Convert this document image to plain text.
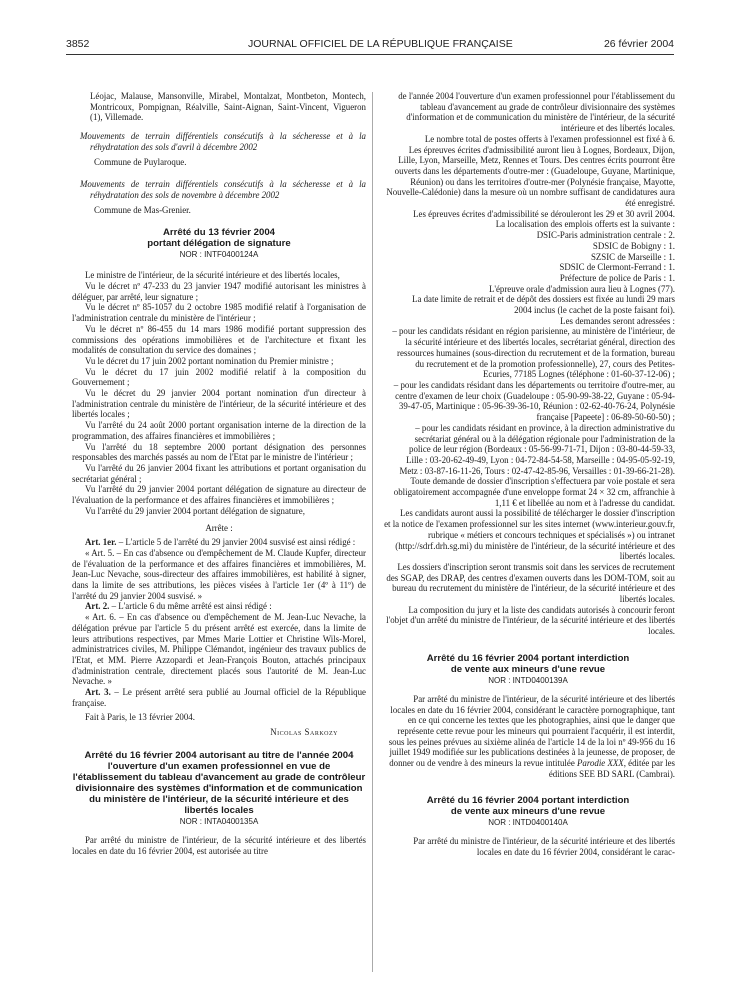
3852	JOURNAL OFFICIEL DE LA RÉPUBLIQUE FRANÇAISE	26 février 2004

Léojac, Malause, Mansonville, Mirabel, Montalzat, Montbeton, Montech, Montricoux, Pompignan, Réalville, Saint-Aignan, Saint-Vincent, Vigueron (1), Villemade.

Mouvements de terrain différentiels consécutifs à la sécheresse et à la réhydratation des sols d'avril à décembre 2002

Commune de Puylaroque.

Mouvements de terrain différentiels consécutifs à la sécheresse et à la réhydratation des sols de novembre à décembre 2002

Commune de Mas-Grenier.

Arrêté du 13 février 2004

portant délégation de signature

NOR : INTF0400124A

Le ministre de l'intérieur, de la sécurité intérieure et des libertés locales,

Vu le décret nº 47-233 du 23 janvier 1947 modifié autorisant les ministres à déléguer, par arrêté, leur signature ;

Vu le décret nº 85-1057 du 2 octobre 1985 modifié relatif à l'organisation de l'administration centrale du ministère de l'intérieur ;

Vu le décret nº 86-455 du 14 mars 1986 modifié portant suppression des commissions des opérations immobilières et de l'architecture et fixant les modalités de consultation du service des domaines ;

Vu le décret du 17 juin 2002 portant nomination du Premier ministre ;

Vu le décret du 17 juin 2002 modifié relatif à la composition du Gouvernement ;

Vu le décret du 29 janvier 2004 portant nomination d'un directeur à l'administration centrale du ministère de l'intérieur, de la sécurité intérieure et des libertés locales ;

Vu l'arrêté du 24 août 2000 portant organisation interne de la direction de la programmation, des affaires financières et immobilières ;

Vu l'arrêté du 18 septembre 2000 portant désignation des personnes responsables des marchés passés au nom de l'Etat par le ministre de l'intérieur ;

Vu l'arrêté du 26 janvier 2004 fixant les attributions et portant organisation du secrétariat général ;

Vu l'arrêté du 29 janvier 2004 portant délégation de signature au directeur de l'évaluation de la performance et des affaires financières et immobilières ;

Vu l'arrêté du 29 janvier 2004 portant délégation de signature,

Arrête :

Art. 1er. – L'article 5 de l'arrêté du 29 janvier 2004 susvisé est ainsi rédigé :

« Art. 5. – En cas d'absence ou d'empêchement de M. Claude Kupfer, directeur de l'évaluation de la performance et des affaires financières et immobilières, M. Jean-Luc Nevache, sous-directeur des affaires immobilières, est habilité à signer, dans la limite de ses attributions, les pièces visées à l'article 1er (4º à 11º) de l'arrêté du 29 janvier 2004 susvisé. »

Art. 2. – L'article 6 du même arrêté est ainsi rédigé :

« Art. 6. – En cas d'absence ou d'empêchement de M. Jean-Luc Nevache, la délégation prévue par l'article 5 du présent arrêté est exercée, dans la limite de leurs attributions respectives, par Mmes Marie Lottier et Christine Wils-Morel, administratrices civiles, M. Philippe Clémandot, ingénieur des travaux publics de l'Etat, et MM. Pierre Azzopardi et Jean-François Bouton, attachés principaux d'administration centrale, directement placés sous l'autorité de M. Jean-Luc Nevache. »

Art. 3. – Le présent arrêté sera publié au Journal officiel de la République française.

Fait à Paris, le 13 février 2004.

Nicolas Sarkozy

Arrêté du 16 février 2004 autorisant au titre de l'année 2004 l'ouverture d'un examen professionnel en vue de l'établissement du tableau d'avancement au grade de contrôleur divisionnaire des systèmes d'information et de communication du ministère de l'intérieur, de la sécurité intérieure et des libertés locales

NOR : INTA0400135A

Par arrêté du ministre de l'intérieur, de la sécurité intérieure et des libertés locales en date du 16 février 2004, est autorisée au titre

de l'année 2004 l'ouverture d'un examen professionnel pour l'établissement du tableau d'avancement au grade de contrôleur divisionnaire des systèmes d'information et de communication du ministère de l'intérieur, de la sécurité intérieure et des libertés locales.

Le nombre total de postes offerts à l'examen professionnel est fixé à 6.

Les épreuves écrites d'admissibilité auront lieu à Lognes, Bordeaux, Dijon, Lille, Lyon, Marseille, Metz, Rennes et Tours. Des centres écrits pourront être ouverts dans les départements d'outre-mer : (Guadeloupe, Guyane, Martinique, Réunion) ou dans les territoires d'outre-mer (Polynésie française, Mayotte, Nouvelle-Calédonie) dans la mesure où un nombre suffisant de candidatures aura été enregistré.

Les épreuves écrites d'admissibilité se dérouleront les 29 et 30 avril 2004.

La localisation des emplois offerts est la suivante :

DSIC-Paris administration centrale : 2.

SDSIC de Bobigny : 1.

SZSIC de Marseille : 1.

SDSIC de Clermont-Ferrand : 1.

Préfecture de police de Paris : 1.

L'épreuve orale d'admission aura lieu à Lognes (77).

La date limite de retrait et de dépôt des dossiers est fixée au lundi 29 mars 2004 inclus (le cachet de la poste faisant foi).

Les demandes seront adressées :

– pour les candidats résidant en région parisienne, au ministère de l'intérieur, de la sécurité intérieure et des libertés locales, secrétariat général, direction des ressources humaines (sous-direction du recrutement et de la formation, bureau du recrutement et de la promotion professionnelle), 27, cours des Petites-Ecuries, 77185 Lognes (téléphone : 01-60-37-12-06) ;

– pour les candidats résidant dans les départements ou territoire d'outre-mer, au centre d'examen de leur choix (Guadeloupe : 05-90-99-38-22, Guyane : 05-94-39-47-05, Martinique : 05-96-39-36-10, Réunion : 02-62-40-76-24, Polynésie française [Papeete] : 06-89-50-60-50) ;

– pour les candidats résidant en province, à la direction administrative du secrétariat général ou à la délégation régionale pour l'administration de la police de leur région (Bordeaux : 05-56-99-71-71, Dijon : 03-80-44-59-33, Lille : 03-20-62-49-49, Lyon : 04-72-84-54-58, Marseille : 04-95-05-92-19, Metz : 03-87-16-11-26, Tours : 02-47-42-85-96, Versailles : 01-39-66-21-28).

Toute demande de dossier d'inscription s'effectuera par voie postale et sera obligatoirement accompagnée d'une enveloppe format 24 × 32 cm, affranchie à 1,11 € et libellée au nom et à l'adresse du candidat.

Les candidats auront aussi la possibilité de télécharger le dossier d'inscription et la notice de l'examen professionnel sur les sites internet (www.interieur.gouv.fr, rubrique « métiers et concours techniques et spécialisés ») ou intranet (http://sdrf.drh.sg.mi) du ministère de l'intérieur, de la sécurité intérieure et des libertés locales.

Les dossiers d'inscription seront transmis soit dans les services de recrutement des SGAP, des DRAP, des centres d'examen ouverts dans les DOM-TOM, soit au bureau du recrutement du ministère de l'intérieur, de la sécurité intérieure et des libertés locales.

La composition du jury et la liste des candidats autorisés à concourir feront l'objet d'un arrêté du ministre de l'intérieur, de la sécurité intérieure et des libertés locales.

Arrêté du 16 février 2004 portant interdiction

de vente aux mineurs d'une revue

NOR : INTD0400139A

Par arrêté du ministre de l'intérieur, de la sécurité intérieure et des libertés locales en date du 16 février 2004, considérant le caractère pornographique, tant en ce qui concerne les textes que les photographies, ainsi que le danger que représente cette revue pour les mineurs qui pourraient l'acquérir, il est interdit, sous les peines prévues au sixième alinéa de l'article 14 de la loi nº 49-956 du 16 juillet 1949 modifiée sur les publications destinées à la jeunesse, de proposer, de donner ou de vendre à des mineurs la revue intitulée Parodie XXX, éditée par les éditions SEE BD SARL (Cambrai).

Arrêté du 16 février 2004 portant interdiction

de vente aux mineurs d'une revue

NOR : INTD0400140A

Par arrêté du ministre de l'intérieur, de la sécurité intérieure et des libertés locales en date du 16 février 2004, considérant le carac-
